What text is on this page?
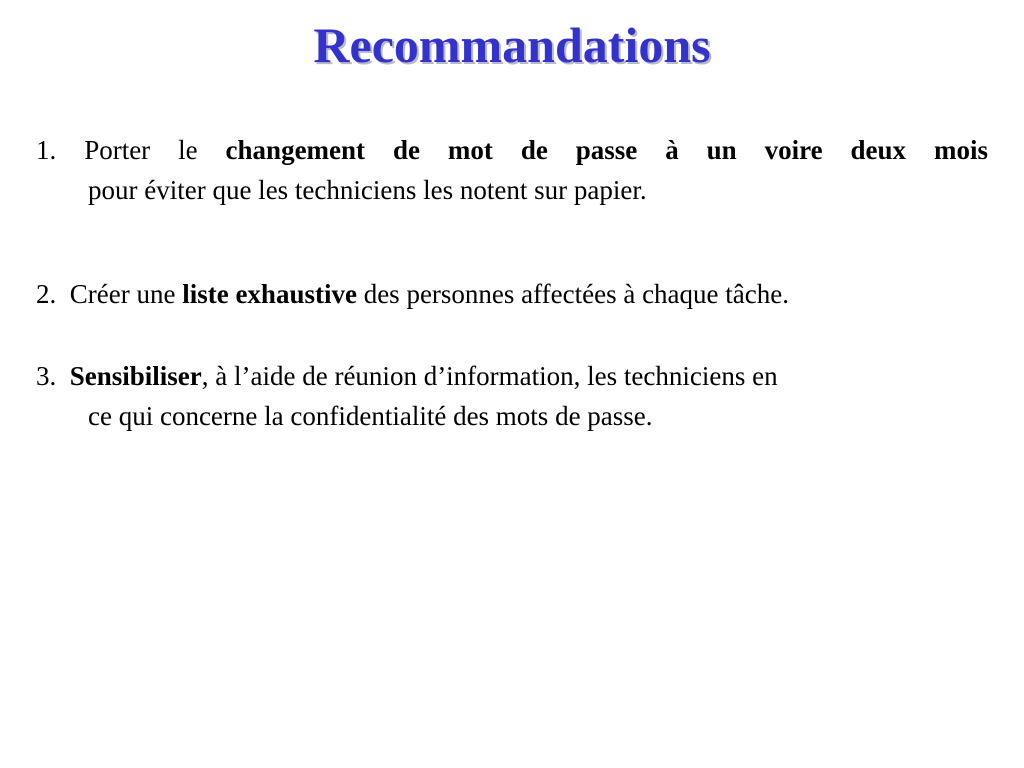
Recommandations
1. Porter le changement de mot de passe à un voire deux mois
pour éviter que les techniciens les notent sur papier.
2. Créer une liste exhaustive des personnes affectées à chaque tâche.
3. Sensibiliser, à l’aide de réunion d’information, les techniciens en
ce qui concerne la confidentialité des mots de passe.
